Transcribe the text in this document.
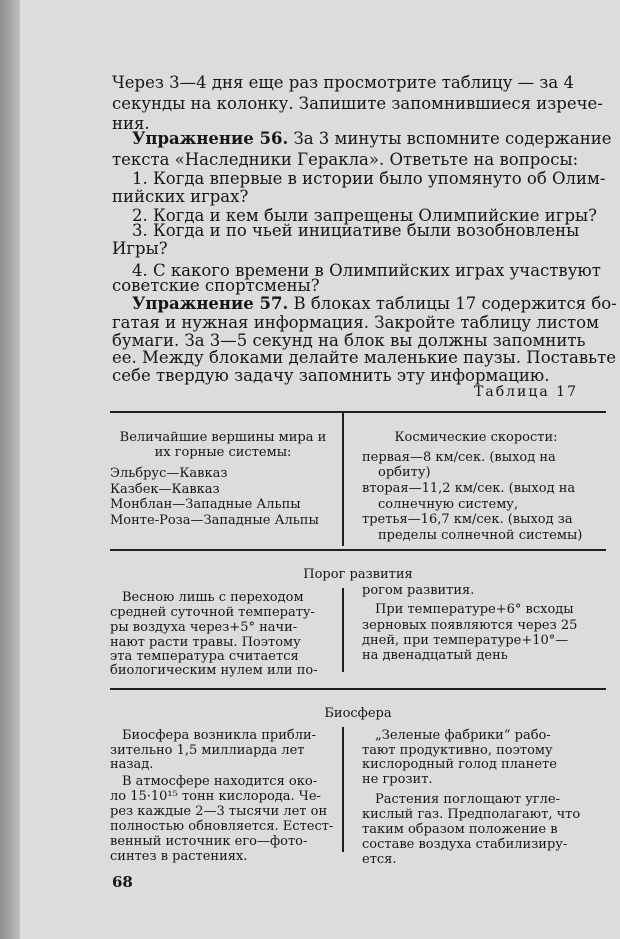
Через 3—4 дня еще раз просмотрите таблицу — за 4

секунды на колонку. Запишите запомнившиеся изрече-

ния.

Упражнение 56. За 3 минуты вспомните содержание

текста «Наследники Геракла». Ответьте на вопросы:

1. Когда впервые в истории было упомянуто об Олим-

пийских играх?

2. Когда и кем были запрещены Олимпийские игры?

3. Когда и по чьей инициативе были возобновлены

Игры?

4. С какого времени в Олимпийских играх участвуют

советские спортсмены?

Упражнение 57. В блоках таблицы 17 содержится бо-

гатая и нужная информация. Закройте таблицу листом

бумаги. За 3—5 секунд на блок вы должны запомнить

ее. Между блоками делайте маленькие паузы. Поставьте

себе твердую задачу запомнить эту информацию.

Таблица 17

Величайшие вершины мира и

их горные системы:

Эльбрус—Кавказ

Казбек—Кавказ

Монблан—Западные Альпы

Монте-Роза—Западные Альпы

Космические скорости:

первая—8 км/сек. (выход на

орбиту)

вторая—11,2 км/сек. (выход на

солнечную систему,

третья—16,7 км/сек. (выход за

пределы солнечной системы)

Порог развития

Весною лишь с переходом

средней суточной температу-

ры воздуха через+5° начи-

нают расти травы. Поэтому

эта температура считается

биологическим нулем или по-

рогом развития.

При температуре+6° всходы

зерновых появляются через 25

дней, при температуре+10°—

на двенадцатый день

Биосфера

Биосфера возникла прибли-

зительно 1,5 миллиарда лет

назад.

В атмосфере находится око-

ло 15·10¹⁵ тонн кислорода. Че-

рез каждые 2—3 тысячи лет он

полностью обновляется. Естест-

венный источник его—фото-

синтез в растениях.

„Зеленые фабрики“ рабо-

тают продуктивно, поэтому

кислородный голод планете

не грозит.

Растения поглощают угле-

кислый газ. Предполагают, что

таким образом положение в

составе воздуха стабилизиру-

ется.

68
